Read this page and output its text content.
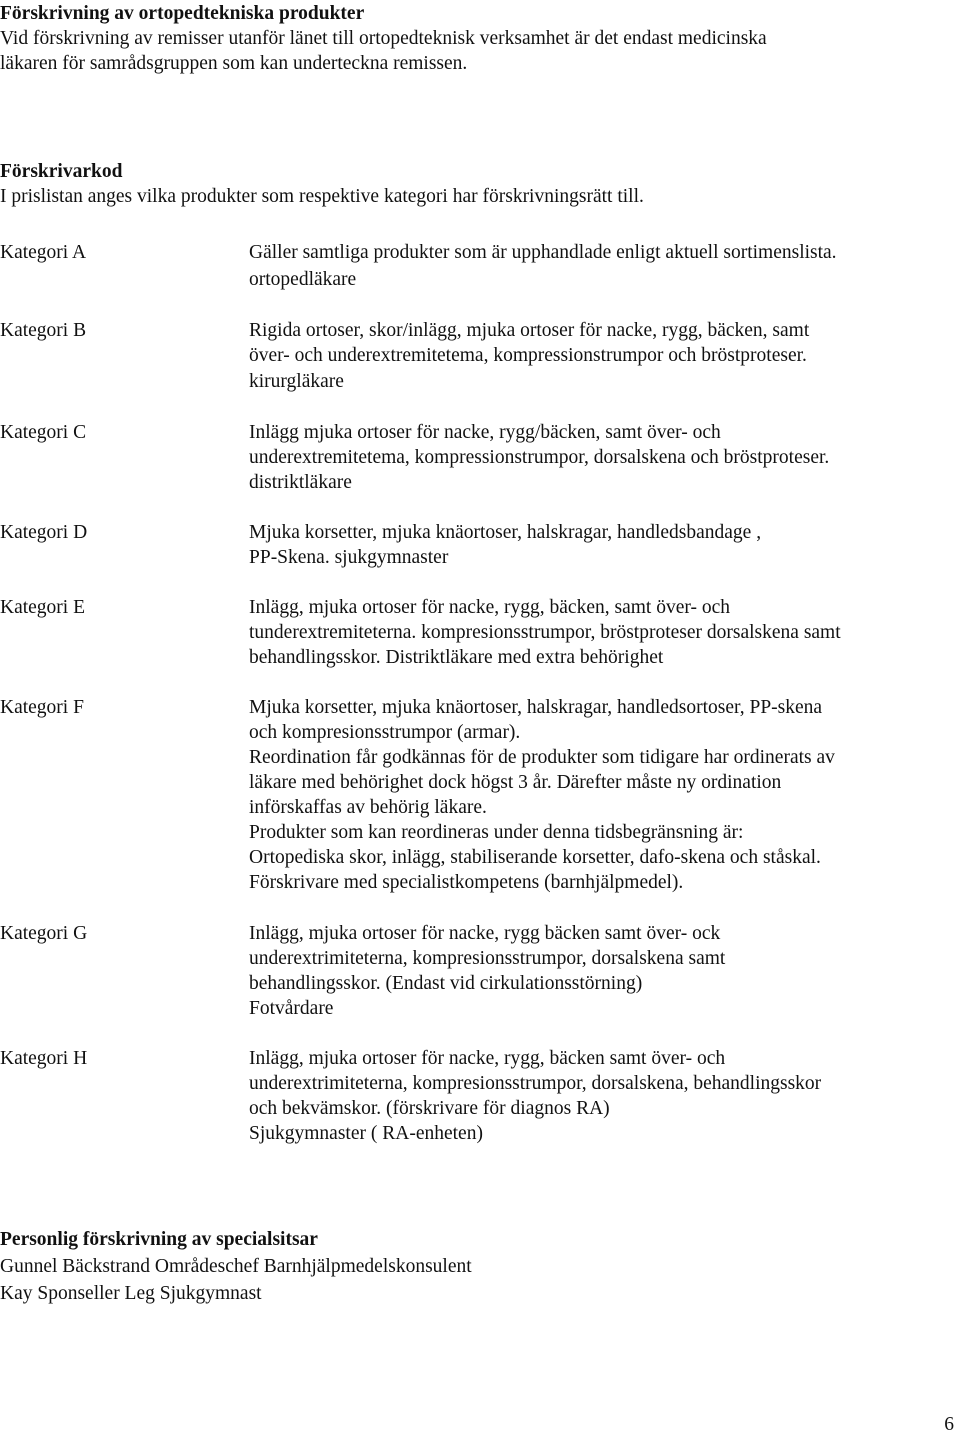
Förskrivning av ortopedtekniska produkter
Vid förskrivning av remisser utanför länet till ortopedteknisk verksamhet är det endast medicinska
läkaren för samrådsgruppen som kan underteckna remissen.
Förskrivarkod
I prislistan anges vilka produkter som respektive kategori har förskrivningsrätt till.
Kategori A
Kategori B
Kategori C
Kategori D
Kategori E
Kategori F
Kategori G
Kategori H
Gäller samtliga produkter som är upphandlade enligt aktuell sortimenslista.
ortopedläkare
Rigida ortoser, skor/inlägg, mjuka ortoser för nacke, rygg, bäcken, samt
över- och underextremitetema, kompressionstrumpor och bröstproteser.
kirurgläkare
Inlägg mjuka ortoser för nacke, rygg/bäcken, samt över- och
underextremitetema, kompressionstrumpor, dorsalskena och bröstproteser.
distriktläkare
Mjuka korsetter, mjuka knäortoser, halskragar, handledsbandage ,
PP-Skena. sjukgymnaster
Inlägg, mjuka ortoser för nacke, rygg, bäcken, samt över- och
tunderextremiteterna. kompresionsstrumpor, bröstproteser dorsalskena samt
behandlingsskor. Distriktläkare med extra behörighet
Mjuka korsetter, mjuka knäortoser, halskragar, handledsortoser, PP-skena
och kompresionsstrumpor (armar).
Reordination får godkännas för de produkter som tidigare har ordinerats av
läkare med behörighet dock högst 3 år. Därefter måste ny ordination
införskaffas av behörig läkare.
Produkter som kan reordineras under denna tidsbegränsning är:
Ortopediska skor, inlägg, stabiliserande korsetter, dafo-skena och ståskal.
Förskrivare med specialistkompetens (barnhjälpmedel).
Inlägg, mjuka ortoser för nacke, rygg bäcken samt över- ock
underextrimiteterna, kompresionsstrumpor, dorsalskena samt
behandlingsskor. (Endast vid cirkulationsstörning)
Fotvårdare
Inlägg, mjuka ortoser för nacke, rygg, bäcken samt över- och
underextrimiteterna, kompresionsstrumpor, dorsalskena, behandlingsskor
och bekvämskor. (förskrivare för diagnos RA)
Sjukgymnaster ( RA-enheten)
Personlig förskrivning av specialsitsar
Gunnel Bäckstrand Områdeschef Barnhjälpmedelskonsulent
Kay Sponseller Leg Sjukgymnast
6
